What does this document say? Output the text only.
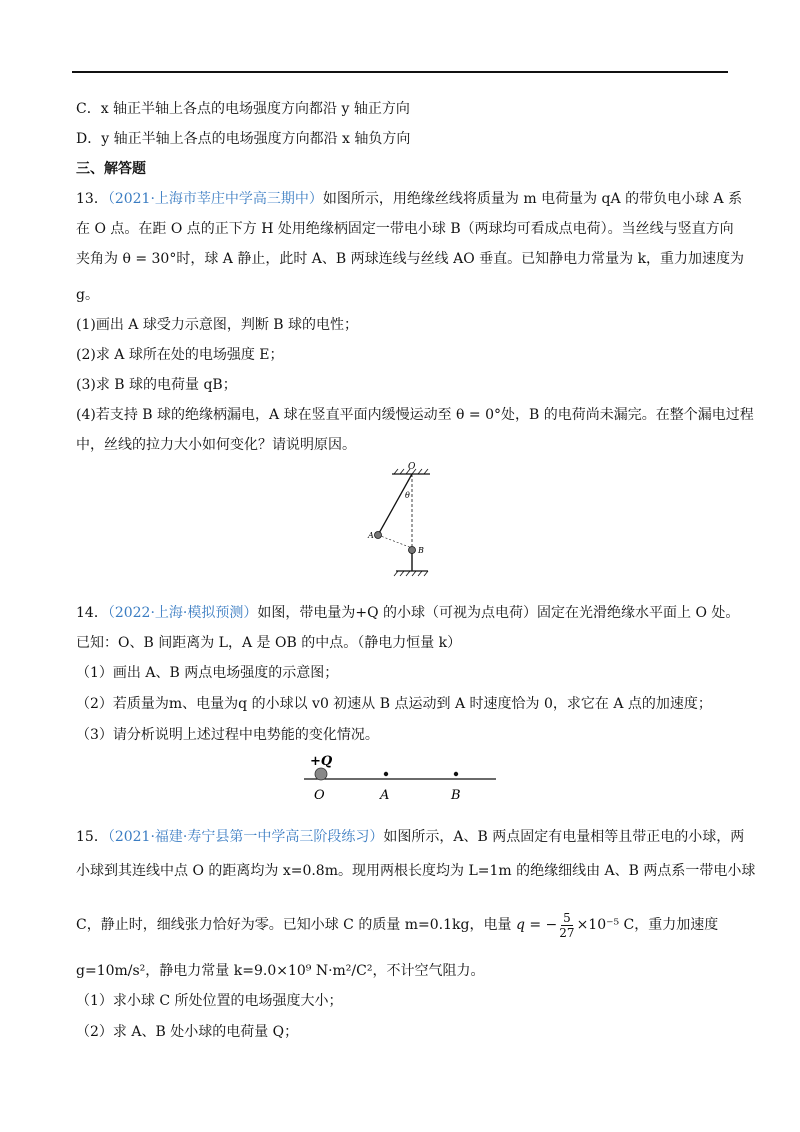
C．x 轴正半轴上各点的电场强度方向都沿 y 轴正方向
D．y 轴正半轴上各点的电场强度方向都沿 x 轴负方向
三、解答题
13．（2021·上海市莘庄中学高三期中）如图所示，用绝缘丝线将质量为 m 电荷量为 qA 的带负电小球 A 系
在 O 点。在距 O 点的正下方 H 处用绝缘柄固定一带电小球 B（两球均可看成点电荷）。当丝线与竖直方向
夹角为 θ = 30°时，球 A 静止，此时 A、B 两球连线与丝线 AO 垂直。已知静电力常量为 k，重力加速度为
g。
(1)画出 A 球受力示意图，判断 B 球的电性；
(2)求 A 球所在处的电场强度 E；
(3)求 B 球的电荷量 qB；
(4)若支持 B 球的绝缘柄漏电，A 球在竖直平面内缓慢运动至 θ = 0°处，B 的电荷尚未漏完。在整个漏电过程
中，丝线的拉力大小如何变化？请说明原因。
O
θ
A
B
14．（2022·上海·模拟预测）如图，带电量为+Q 的小球（可视为点电荷）固定在光滑绝缘水平面上 O 处。
已知：O、B 间距离为 L，A 是 OB 的中点。（静电力恒量 k）
（1）画出 A、B 两点电场强度的示意图；
（2）若质量为m、电量为q 的小球以 v0 初速从 B 点运动到 A 时速度恰为 0，求它在 A 点的加速度；
（3）请分析说明上述过程中电势能的变化情况。
+Q
O	A	B
15．（2021·福建·寿宁县第一中学高三阶段练习）如图所示，A、B 两点固定有电量相等且带正电的小球，两
小球到其连线中点 O 的距离均为 x=0.8m。现用两根长度均为 L=1m 的绝缘细线由 A、B 两点系一带电小球
C，静止时，细线张力恰好为零。已知小球 C 的质量 m=0.1kg，电量 q = − $\frac{5}{27} \times 10^{-5}$ C，重力加速度
g=10m/s²，静电力常量 k=9.0×10⁹ N·m²/C²，不计空气阻力。
（1）求小球 C 所处位置的电场强度大小；
（2）求 A、B 处小球的电荷量 Q；
